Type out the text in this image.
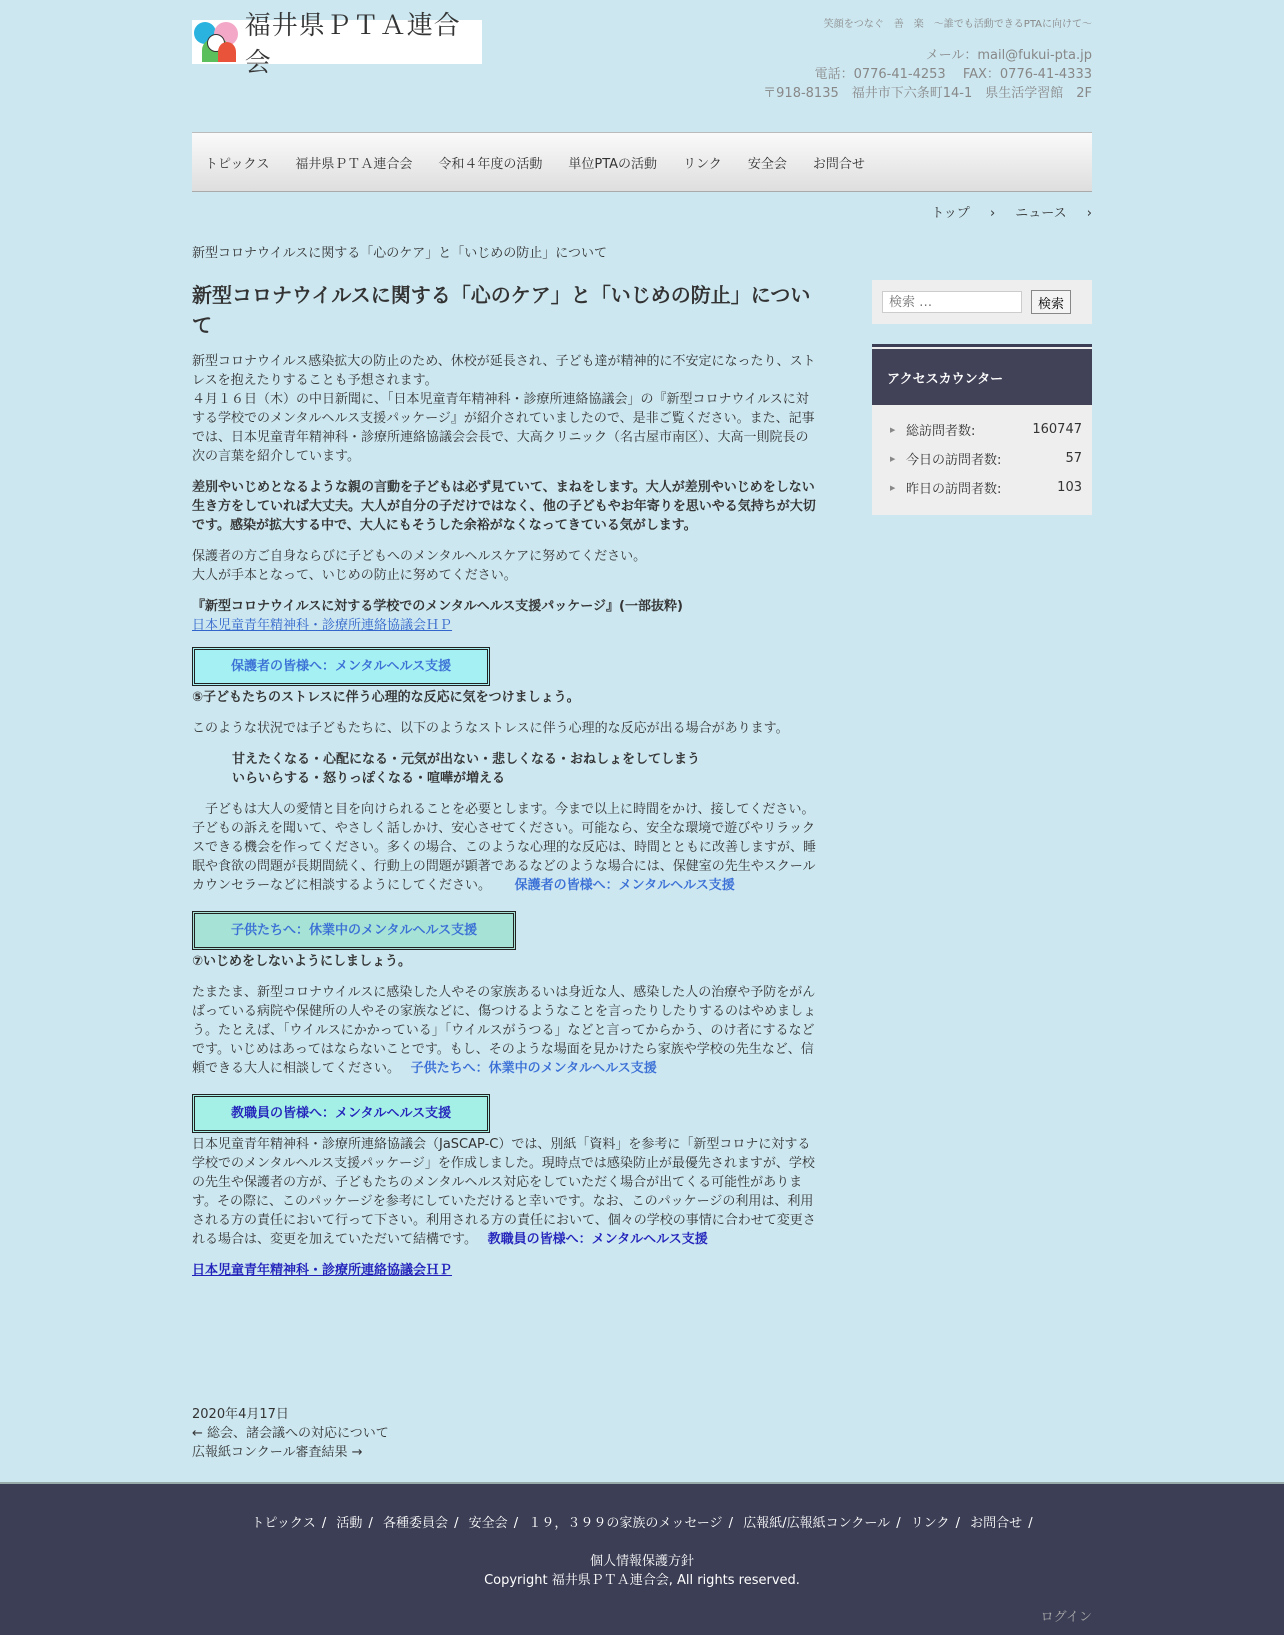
福井県ＰＴＡ連合会
笑顔をつなぐ　善　楽　～誰でも活動できるPTAに向けて～
メール：mail@fukui-pta.jp
電話：0776-41-4253　 FAX：0776-41-4333
〒918-8135　福井市下六条町14-1　県生活学習館　2F
トピックス 福井県ＰＴＡ連合会 令和４年度の活動 単位PTAの活動 リンク 安全会 お問合せ
トップ › ニュース ›
新型コロナウイルスに関する「心のケア」と「いじめの防止」について
新型コロナウイルスに関する「心のケア」と「いじめの防止」について

新型コロナウイルス感染拡大の防止のため、休校が延長され、子ども達が精神的に不安定になったり、ストレスを抱えたりすることも予想されます。

４月１６日（木）の中日新聞に、「日本児童青年精神科・診療所連絡協議会」の『新型コロナウイルスに対する学校でのメンタルヘルス支援パッケージ』が紹介されていましたので、是非ご覧ください。また、記事では、日本児童青年精神科・診療所連絡協議会会長で、大高クリニック（名古屋市南区）、大高一則院長の次の言葉を紹介しています。

差別やいじめとなるような親の言動を子どもは必ず見ていて、まねをします。大人が差別やいじめをしない生き方をしていれば大丈夫。大人が自分の子だけではなく、他の子どもやお年寄りを思いやる気持ちが大切です。感染が拡大する中で、大人にもそうした余裕がなくなってきている気がします。

保護者の方ご自身ならびに子どもへのメンタルヘルスケアに努めてください。
大人が手本となって、いじめの防止に努めてください。

『新型コロナウイルスに対する学校でのメンタルヘルス支援パッケージ』(一部抜粋)
日本児童青年精神科・診療所連絡協議会ＨＰ
保護者の皆様へ：メンタルヘルス支援
⑤子どもたちのストレスに伴う心理的な反応に気をつけましょう。

このような状況では子どもたちに、以下のようなストレスに伴う心理的な反応が出る場合があります。

甘えたくなる・心配になる・元気が出ない・悲しくなる・おねしょをしてしまう
いらいらする・怒りっぽくなる・喧嘩が増える

　子どもは大人の愛情と目を向けられることを必要とします。今まで以上に時間をかけ、接してください。子どもの訴えを聞いて、やさしく話しかけ、安心させてください。可能なら、安全な環境で遊びやリラックスできる機会を作ってください。多くの場合、このような心理的な反応は、時間とともに改善しますが、睡眠や食欲の問題が長期間続く、行動上の問題が顕著であるなどのような場合には、保健室の先生やスクールカウンセラーなどに相談するようにしてください。　　 保護者の皆様へ：メンタルヘルス支援

子供たちへ：休業中のメンタルヘルス支援
⑦いじめをしないようにしましょう。

たまたま、新型コロナウイルスに感染した人やその家族あるいは身近な人、感染した人の治療や予防をがんばっている病院や保健所の人やその家族などに、傷つけるようなことを言ったりしたりするのはやめましょう。たとえば、「ウイルスにかかっている」「ウイルスがうつる」などと言ってからかう、のけ者にするなどです。いじめはあってはならないことです。もし、そのような場面を見かけたら家族や学校の先生など、信頼できる大人に相談してください。　 子供たちへ：休業中のメンタルヘルス支援

教職員の皆様へ：メンタルヘルス支援

日本児童青年精神科・診療所連絡協議会（JaSCAP-C）では、別紙「資料」を参考に「新型コロナに対する学校でのメンタルヘルス支援パッケージ」を作成しました。現時点では感染防止が最優先されますが、学校の先生や保護者の方が、子どもたちのメンタルヘルス対応をしていただく場合が出てくる可能性があります。その際に、このパッケージを参考にしていただけると幸いです。なお、このパッケージの利用は、利用される方の責任において行って下さい。利用される方の責任において、個々の学校の事情に合わせて変更される場合は、変更を加えていただいて結構です。　 教職員の皆様へ：メンタルヘルス支援

日本児童青年精神科・診療所連絡協議会ＨＰ
2020年4月17日
← 総会、諸会議への対応について
広報紙コンクール審査結果 →
検索 …
検索
アクセスカウンター
▶ 総訪問者数:	160747
▶ 今日の訪問者数:	57
▶ 昨日の訪問者数:	103
トピックス / 活動 / 各種委員会 / 安全会 / １９，３９９の家族のメッセージ / 広報紙/広報紙コンクール / リンク / お問合せ /
個人情報保護方針
Copyright 福井県ＰＴＡ連合会, All rights reserved.
ログイン
